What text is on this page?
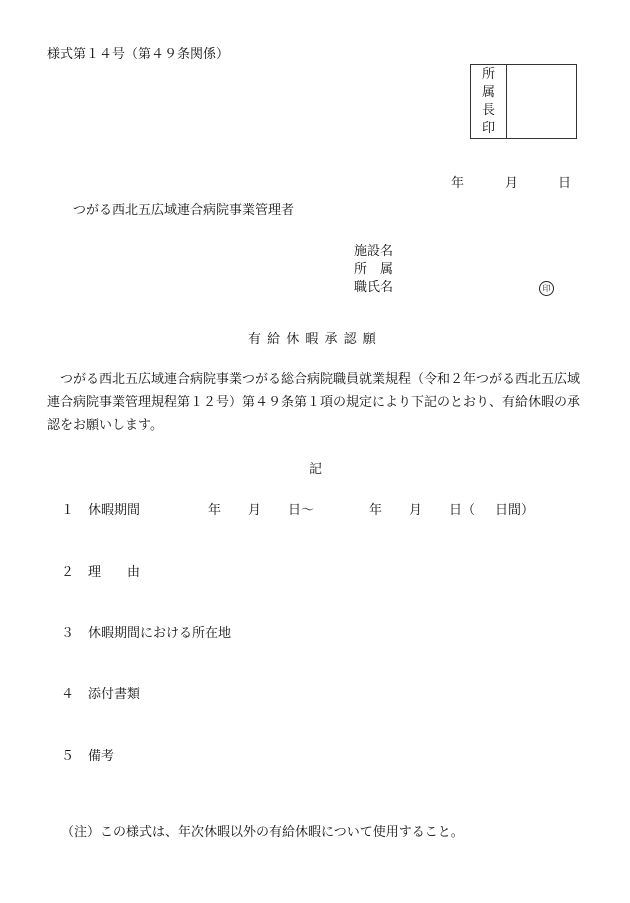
様式第１４号（第４９条関係）
所
属
長
印
年	月	日
つがる西北五広域連合病院事業管理者
施設名
所　属
職氏名	印
有 給 休 暇 承 認 願
つがる西北五広域連合病院事業つがる総合病院職員就業規程（令和２年つがる西北五広域連合病院事業管理規程第１２号）第４９条第１項の規定により下記のとおり、有給休暇の承認をお願いします。
記
１ 休暇期間	年 月 日～	年 月 日（ 日間）
２ 理　　由
３ 休暇期間における所在地
４ 添付書類
５ 備考
（注）この様式は、年次休暇以外の有給休暇について使用すること。
